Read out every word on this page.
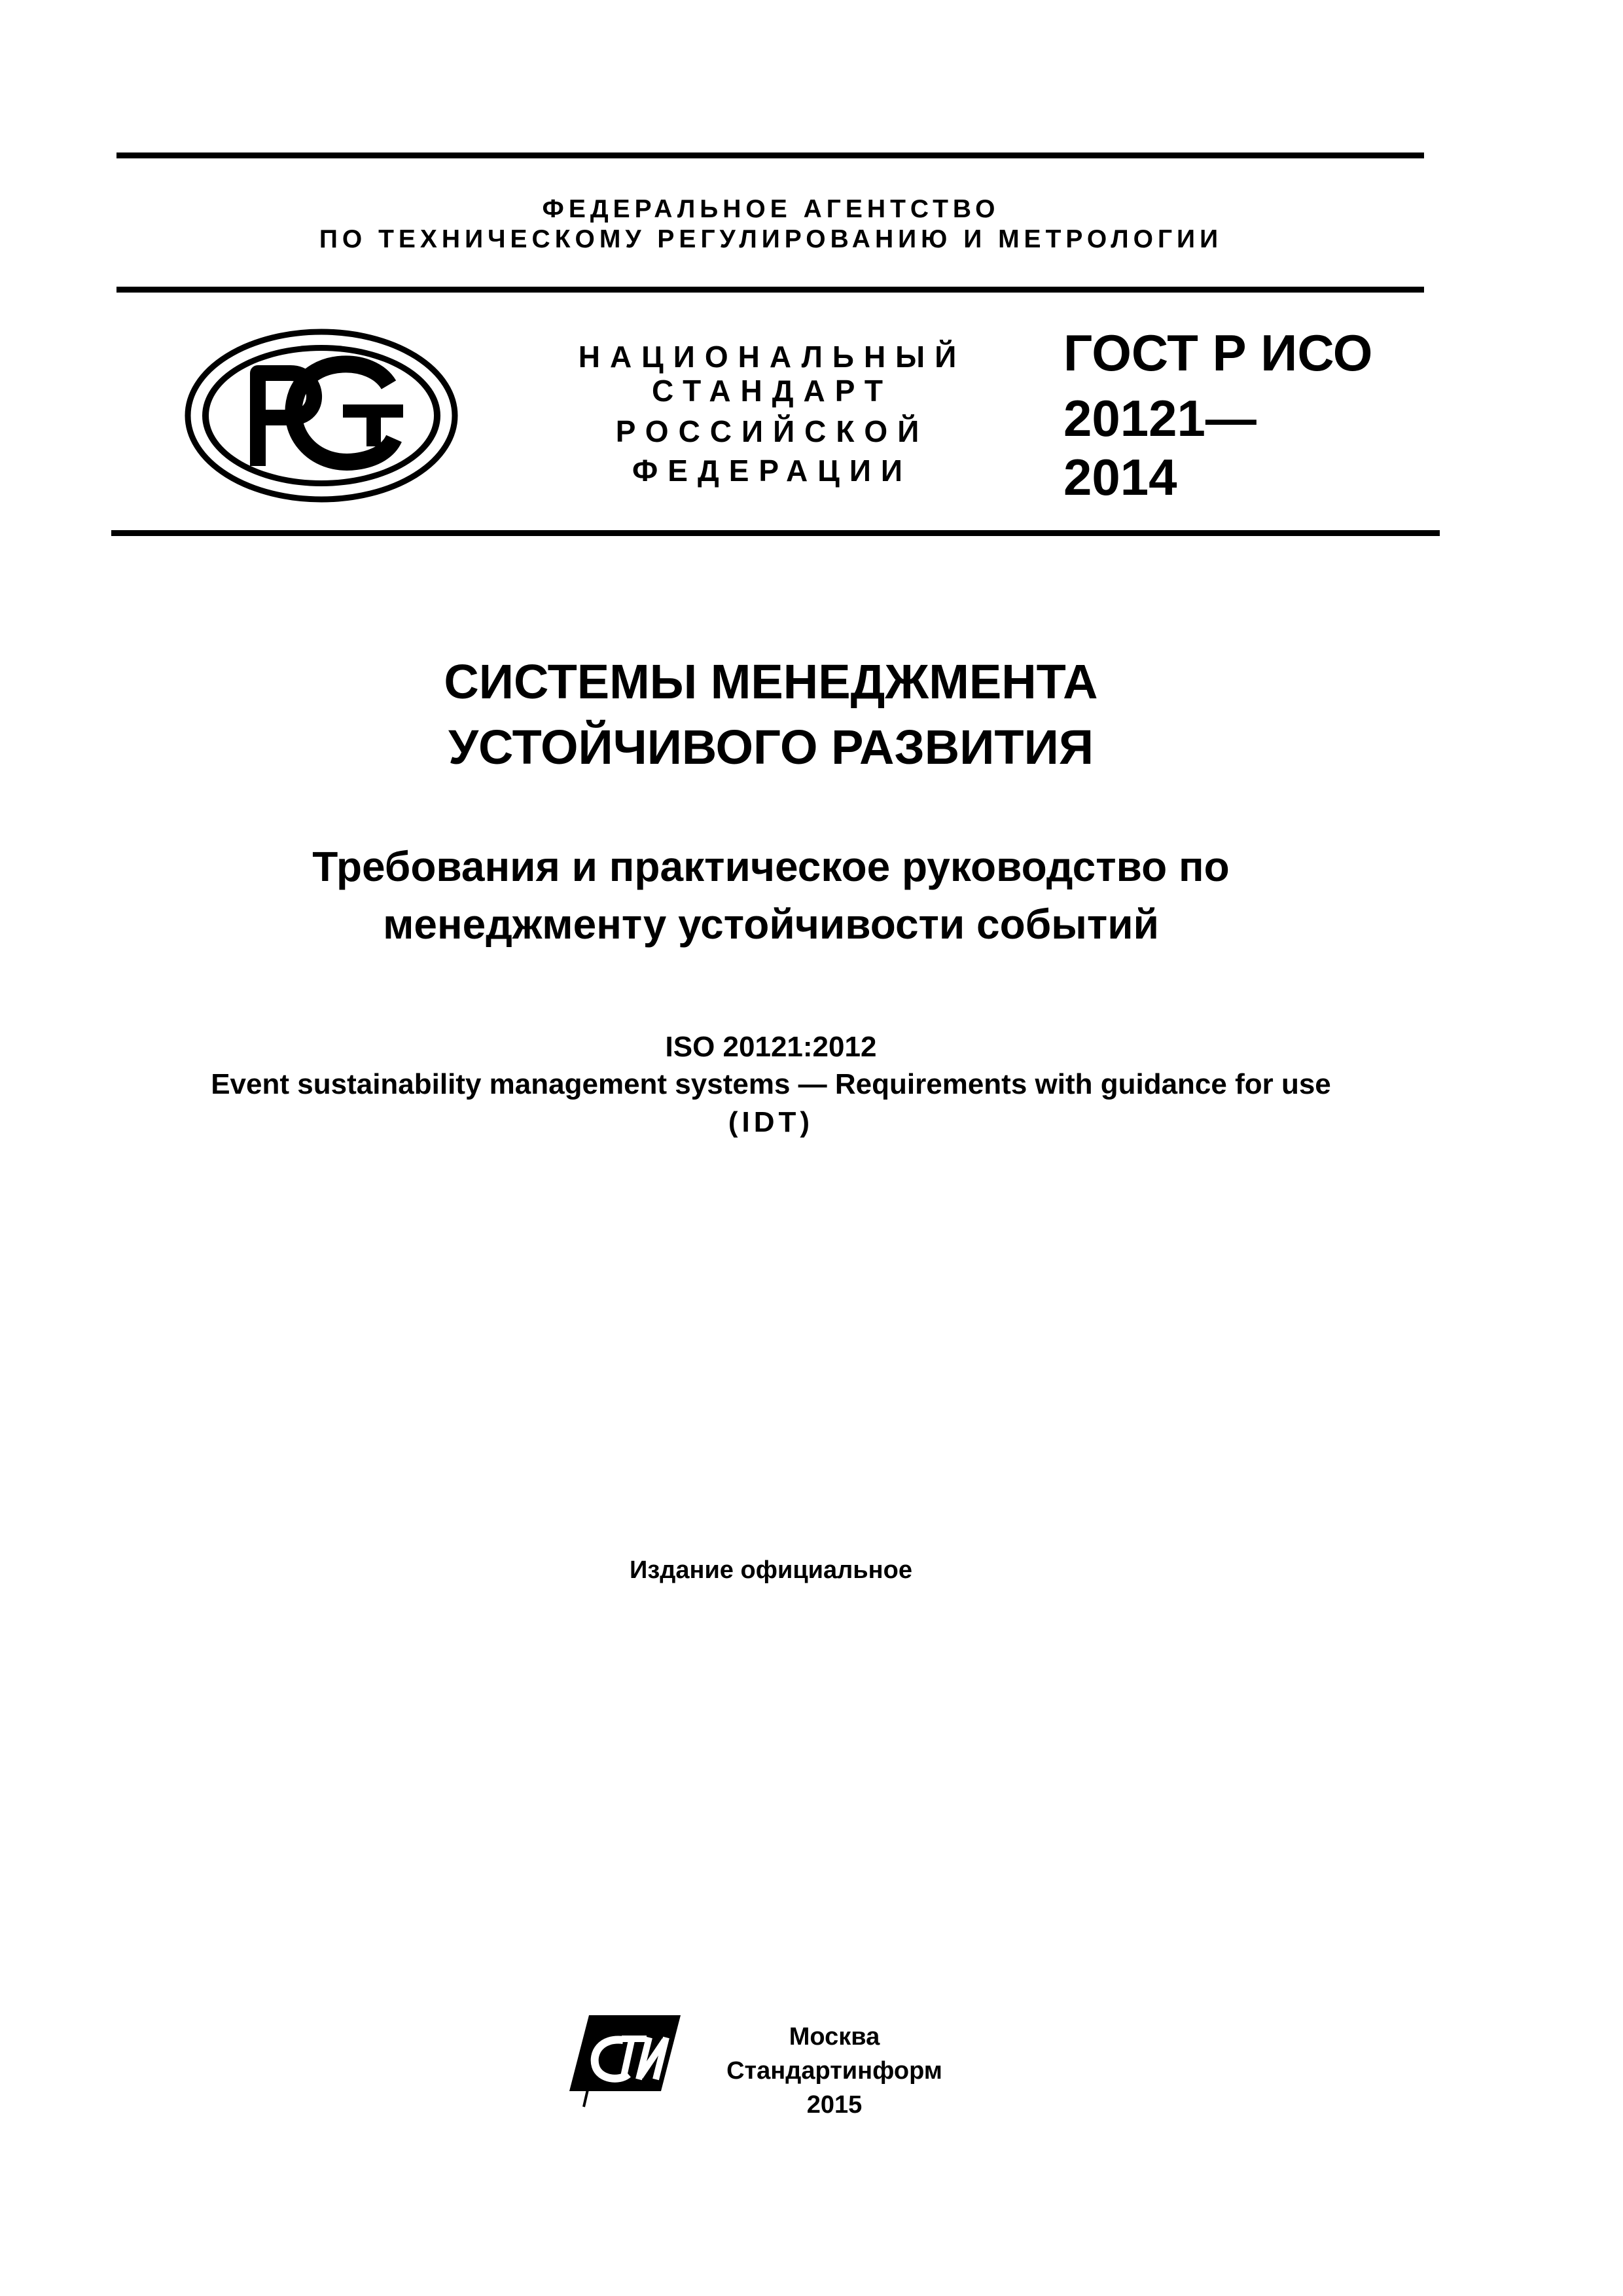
ФЕДЕРАЛЬНОЕ АГЕНТСТВО
ПО ТЕХНИЧЕСКОМУ РЕГУЛИРОВАНИЮ И МЕТРОЛОГИИ
НАЦИОНАЛЬНЫЙ
СТАНДАРТ
РОССИЙСКОЙ
ФЕДЕРАЦИИ
ГОСТ Р ИСО
20121—
2014
СИСТЕМЫ МЕНЕДЖМЕНТА
УСТОЙЧИВОГО РАЗВИТИЯ
Требования и практическое руководство по
менеджменту устойчивости событий
ISO 20121:2012
Event sustainability management systems — Requirements with guidance for use
(IDT)
Издание официальное
Москва
Стандартинформ
2015
